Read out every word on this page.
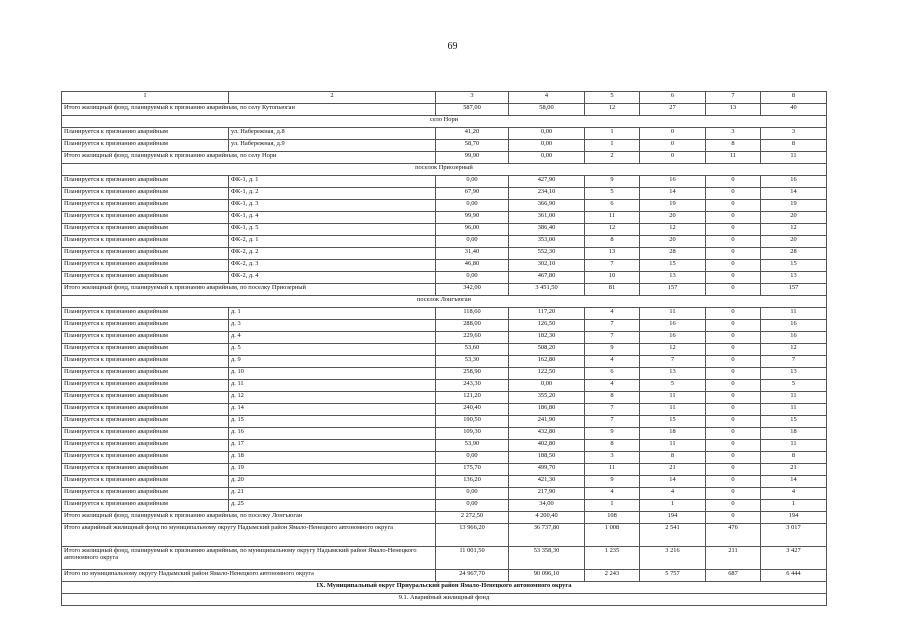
69
1	2	3	4	5	6	7	8
Итого жилищный фонд, планируемый к признанию аварийным, по селу Кутопьюган		587,00	58,00	12	27	13	40
село Нори							
Планируется к признанию аварийным	ул. Набережная, д.8	41,20	0,00	1	0	3	3
Планируется к признанию аварийным	ул. Набережная, д.9	58,70	0,00	1	0	8	8
Итого жилищный фонд, планируемый к признанию аварийным, по селу Нори		99,90	0,00	2	0	11	11
поселок Приозерный							
Планируется к признанию аварийным	ФК-1, д. 1	0,00	427,90	9	16	0	16
Планируется к признанию аварийным	ФК-1, д. 2	67,90	234,10	5	14	0	14
Планируется к признанию аварийным	ФК-1, д. 3	0,00	366,90	6	19	0	19
Планируется к признанию аварийным	ФК-1, д. 4	99,90	361,00	11	20	0	20
Планируется к признанию аварийным	ФК-1, д. 5	96,00	386,40	12	12	0	12
Планируется к признанию аварийным	ФК-2, д. 1	0,00	353,00	8	20	0	20
Планируется к признанию аварийным	ФК-2, д. 2	31,40	552,30	13	28	0	28
Планируется к признанию аварийным	ФК-2, д. 3	46,80	302,10	7	15	0	15
Планируется к признанию аварийным	ФК-2, д. 4	0,00	467,80	10	13	0	13
Итого жилищный фонд, планируемый к признанию аварийным, по поселку Приозерный		342,00	3 451,50	81	157	0	157
поселок Лонгъюган							
Планируется к признанию аварийным	д. 1	118,60	117,20	4	11	0	11
Планируется к признанию аварийным	д. 3	288,00	126,50	7	16	0	16
Планируется к признанию аварийным	д. 4	229,60	182,30	7	16	0	16
Планируется к признанию аварийным	д. 5	53,60	508,20	9	12	0	12
Планируется к признанию аварийным	д. 9	53,30	162,80	4	7	0	7
Планируется к признанию аварийным	д. 10	258,90	122,50	6	13	0	13
Планируется к признанию аварийным	д. 11	243,30	0,00	4	5	0	5
Планируется к признанию аварийным	д. 12	121,20	355,20	8	11	0	11
Планируется к признанию аварийным	д. 14	240,40	186,80	7	11	0	11
Планируется к признанию аварийным	д. 15	190,50	241,90	7	15	0	15
Планируется к признанию аварийным	д. 16	109,30	432,80	9	18	0	18
Планируется к признанию аварийным	д. 17	53,90	402,80	8	11	0	11
Планируется к признанию аварийным	д. 18	0,00	188,50	3	8	0	8
Планируется к признанию аварийным	д. 19	175,70	499,70	11	21	0	21
Планируется к признанию аварийным	д. 20	136,20	421,30	9	14	0	14
Планируется к признанию аварийным	д. 21	0,00	217,90	4	4	0	4
Планируется к признанию аварийным	д. 25	0,00	34,00	1	1	0	1
Итого жилищный фонд, планируемый к признанию аварийным, по поселку Лонгъюган		2 272,50	4 200,40	108	194	0	194
Итого аварийный жилищный фонд по муниципальному округу Надымский район Ямало-Ненецкого автономного округа		13 966,20	36 737,80	1 008	2 541	476	3 017
Итого жилищный фонд, планируемый к признанию аварийным, по муниципальному округу Надымский район Ямало-Ненецкого автономного округа		11 001,50	53 358,30	1 235	3 216	211	3 427
Итого по муниципальному округу Надымский район Ямало-Ненецкого автономного округа		24 967,70	90 096,10	2 243	5 757	687	6 444
IX. Муниципальный округ Приуральский район Ямало-Ненецкого автономного округа							
9.1. Аварийный жилищный фонд							
